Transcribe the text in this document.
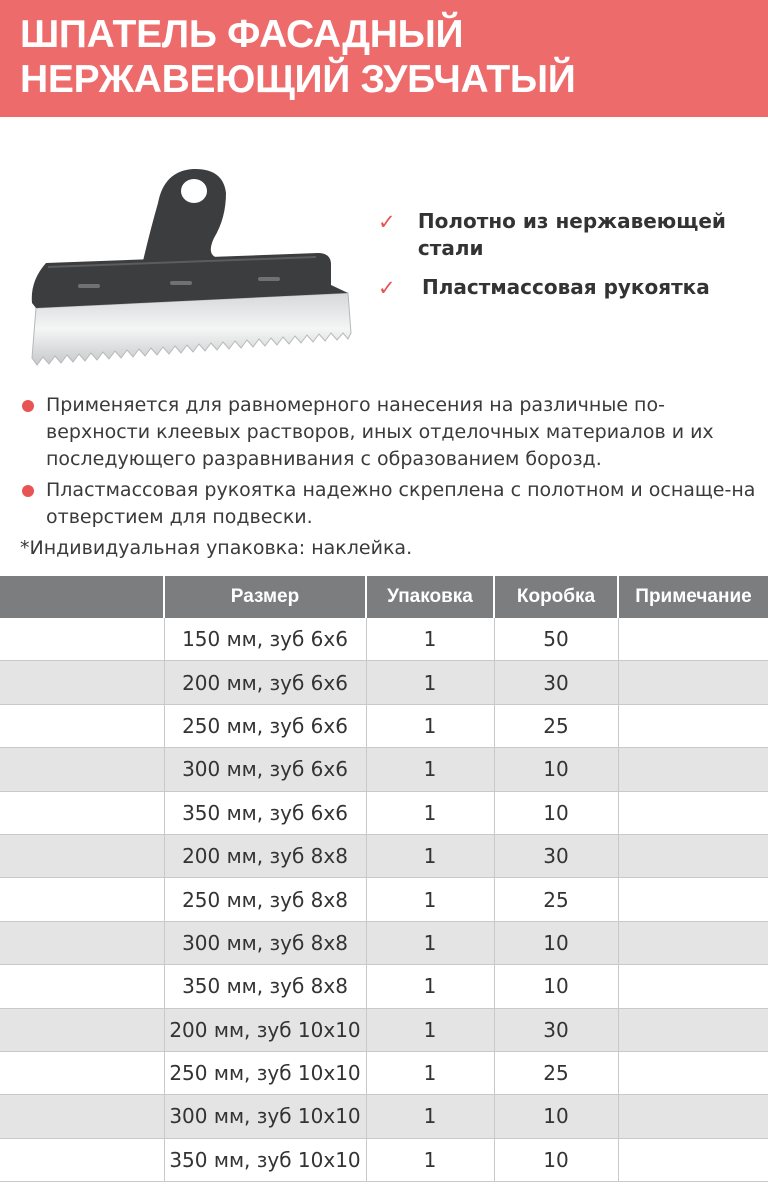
ШПАТЕЛЬ ФАСАДНЫЙ НЕРЖАВЕЮЩИЙ ЗУБЧАТЫЙ
✓	Полотно из нержавеющей стали
✓	Пластмассовая рукоятка
Применяется для равномерного нанесения на различные по-верхности клеевых растворов, иных отделочных материалов и их последующего разравнивания с образованием борозд.
Пластмассовая рукоятка надежно скреплена с полотном и оснаще-на отверстием для подвески.
*Индивидуальная упаковка: наклейка.
	Размер	Упаковка	Коробка	Примечание
	150 мм, зуб 6х6	1	50	
	200 мм, зуб 6х6	1	30	
	250 мм, зуб 6х6	1	25	
	300 мм, зуб 6х6	1	10	
	350 мм, зуб 6х6	1	10	
	200 мм, зуб 8х8	1	30	
	250 мм, зуб 8х8	1	25	
	300 мм, зуб 8х8	1	10	
	350 мм, зуб 8х8	1	10	
	200 мм, зуб 10х10	1	30	
	250 мм, зуб 10х10	1	25	
	300 мм, зуб 10х10	1	10	
	350 мм, зуб 10х10	1	10	
